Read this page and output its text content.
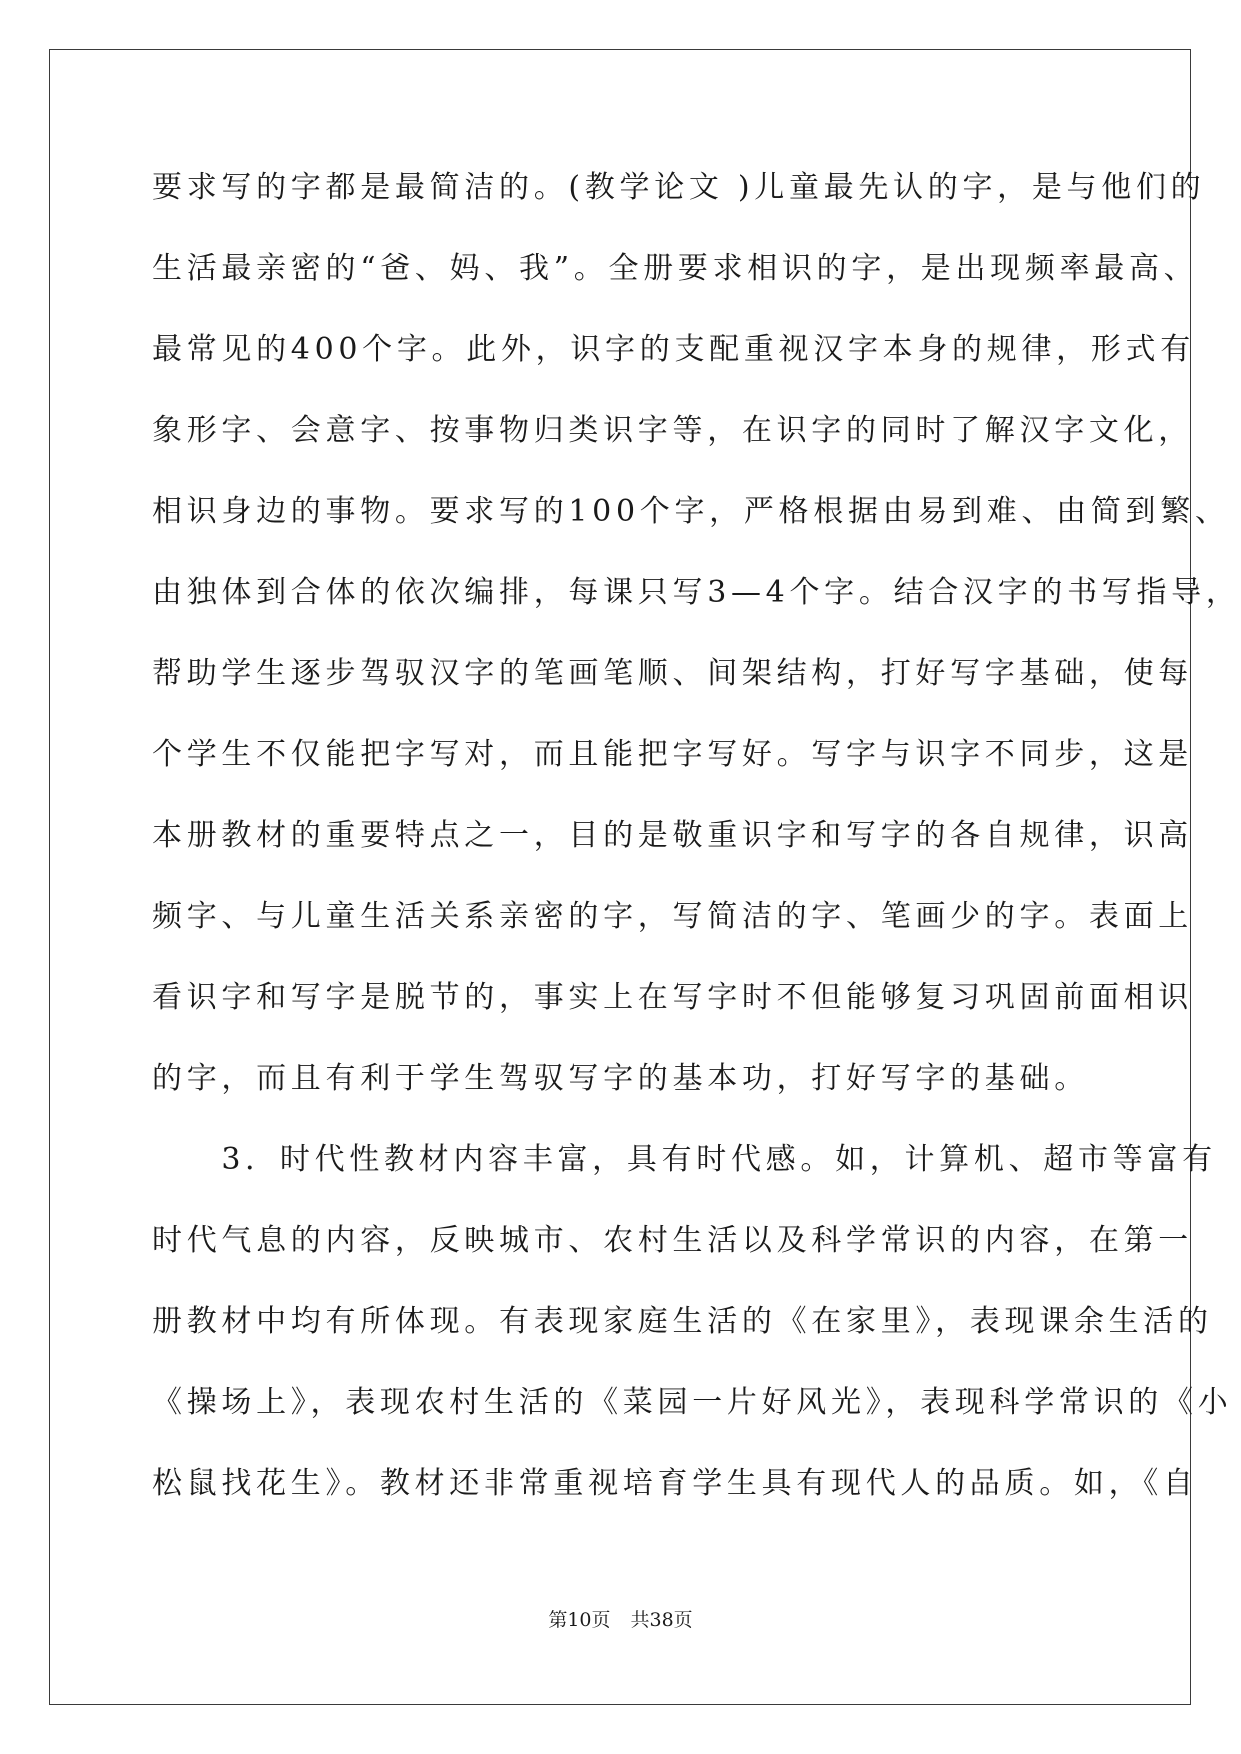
要求写的字都是最简洁的。(教学论文 )儿童最先认的字，是与他们的
生活最亲密的“爸、妈、我”。全册要求相识的字，是出现频率最高、
最常见的400个字。此外，识字的支配重视汉字本身的规律，形式有
象形字、会意字、按事物归类识字等，在识字的同时了解汉字文化，
相识身边的事物。要求写的100个字，严格根据由易到难、由简到繁、
由独体到合体的依次编排，每课只写3—4个字。结合汉字的书写指导，
帮助学生逐步驾驭汉字的笔画笔顺、间架结构，打好写字基础，使每
个学生不仅能把字写对，而且能把字写好。写字与识字不同步，这是
本册教材的重要特点之一，目的是敬重识字和写字的各自规律，识高
频字、与儿童生活关系亲密的字，写简洁的字、笔画少的字。表面上
看识字和写字是脱节的，事实上在写字时不但能够复习巩固前面相识
的字，而且有利于学生驾驭写字的基本功，打好写字的基础。
　　3．时代性教材内容丰富，具有时代感。如，计算机、超市等富有
时代气息的内容，反映城市、农村生活以及科学常识的内容，在第一
册教材中均有所体现。有表现家庭生活的《在家里》，表现课余生活的
《操场上》，表现农村生活的《菜园一片好风光》，表现科学常识的《小
松鼠找花生》。教材还非常重视培育学生具有现代人的品质。如，《自
第10页 共38页
